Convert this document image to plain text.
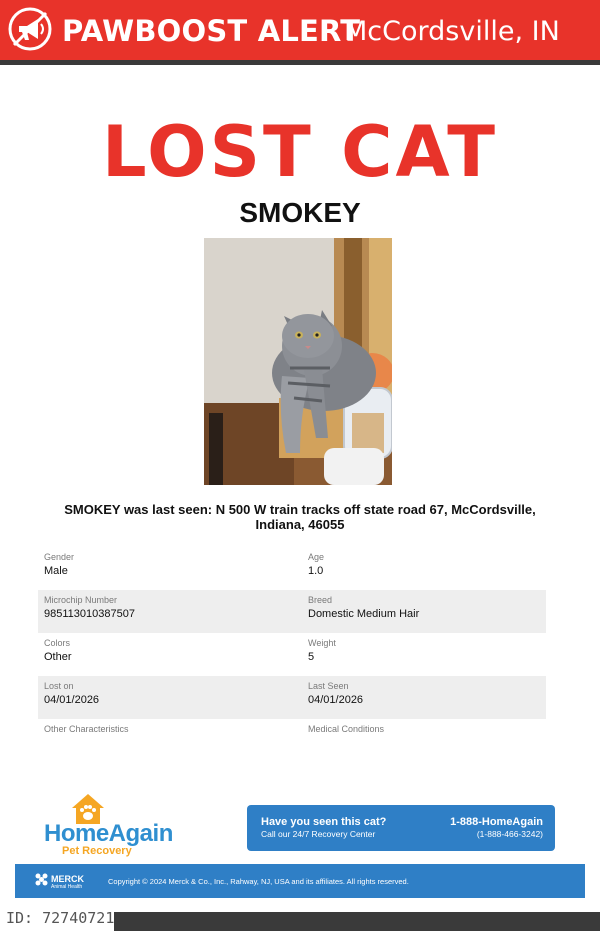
PAWBOOST ALERT
McCordsville, IN
LOST CAT
SMOKEY
SMOKEY was last seen: N 500 W train tracks off state road 67, McCordsville, Indiana, 46055
Gender
Male
Age
1.0
Microchip Number
985113010387507
Breed
Domestic Medium Hair
Colors
Other
Weight
5
Lost on
04/01/2026
Last Seen
04/01/2026
Other Characteristics	Medical Conditions
HomeAgain
Pet Recovery
Have you seen this cat?
Call our 24/7 Recovery Center
1-888-HomeAgain
(1-888-466-3242)
MERCK
Animal Health
Copyright © 2024 Merck & Co., Inc., Rahway, NJ, USA and its affiliates. All rights reserved.
ID: 72740721
